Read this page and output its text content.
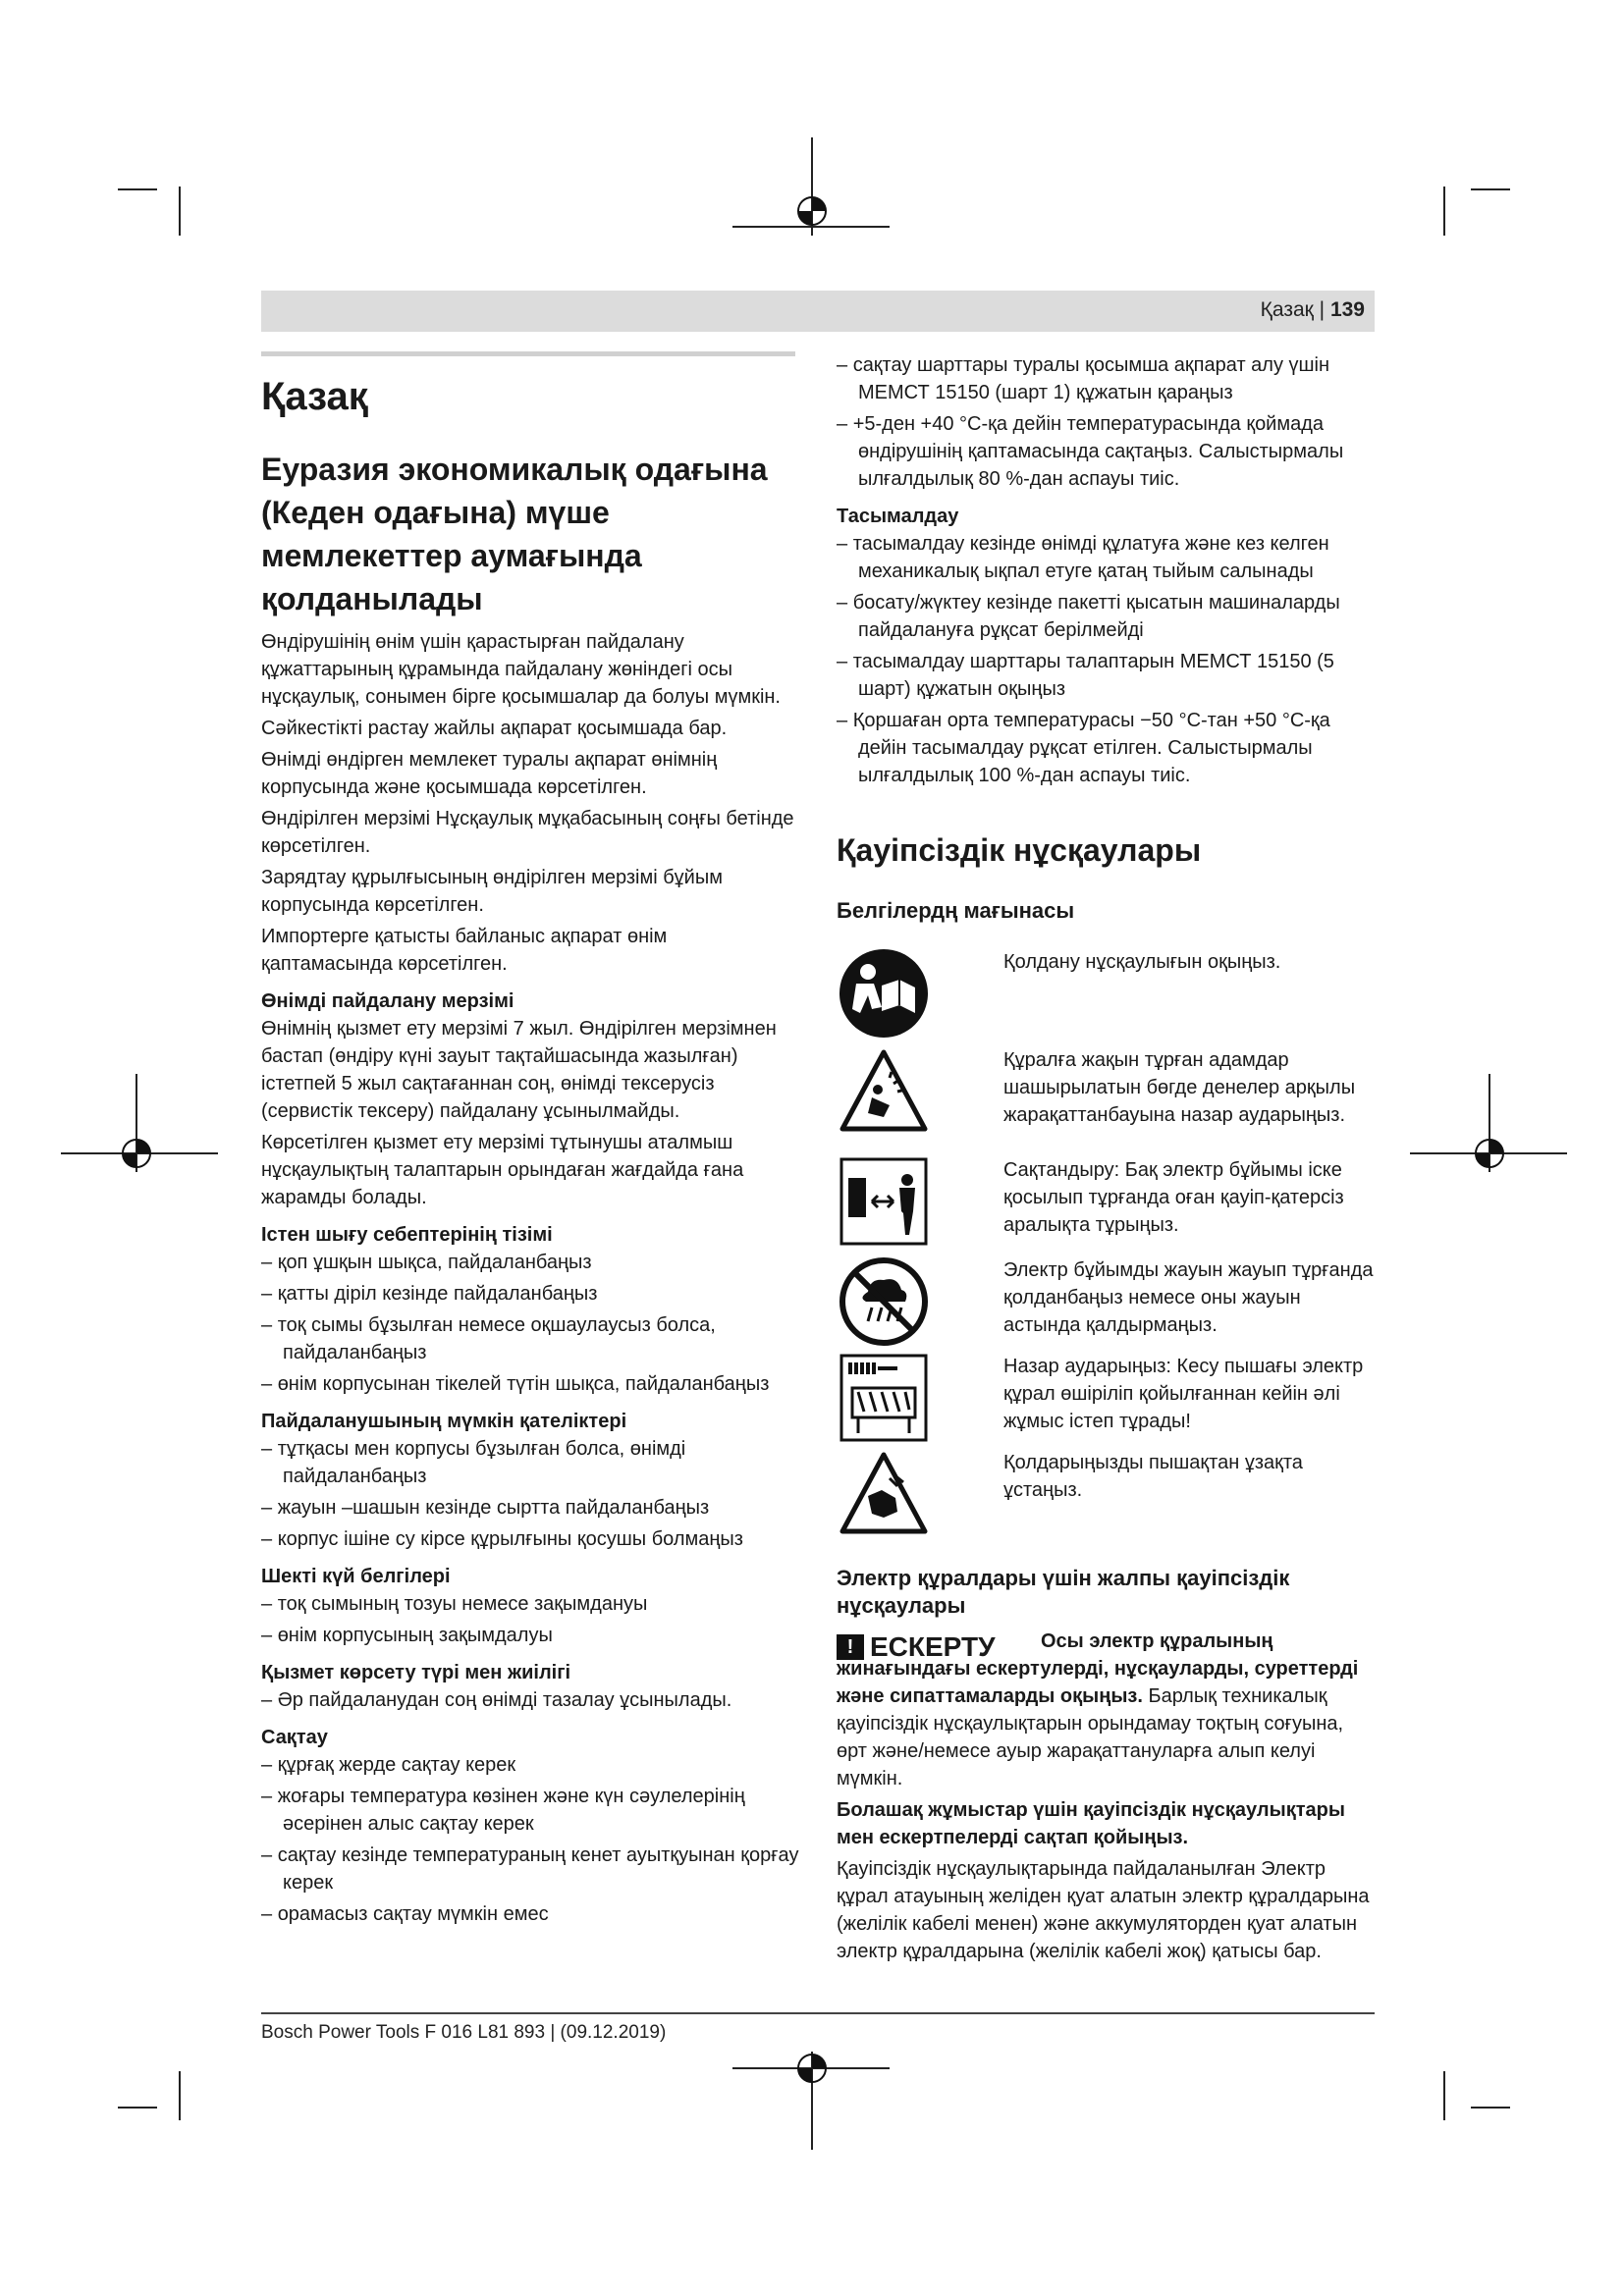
Қазақ | 139
Қазақ
Еуразия экономикалық одағына (Кеден одағына) мүше мемлекеттер аумағында қолданылады

Өндірушінің өнім үшін қарастырған пайдалану құжаттарының құрамында пайдалану жөніндегі осы нұсқаулық, сонымен бірге қосымшалар да болуы мүмкін.

Сәйкестікті растау жайлы ақпарат қосымшада бар.

Өнімді өндірген мемлекет туралы ақпарат өнімнің корпусында және қосымшада көрсетілген.

Өндірілген мерзімі Нұсқаулық мұқабасының соңғы бетінде көрсетілген.

Зарядтау құрылғысының өндірілген мерзімі бұйым корпусында көрсетілген.

Импортерге қатысты байланыс ақпарат өнім қаптамасында көрсетілген.

Өнімді пайдалану мерзімі

Өнімнің қызмет ету мерзімі 7 жыл. Өндірілген мерзімнен бастап (өндіру күні зауыт тақтайшасында жазылған) істетпей 5 жыл сақтағаннан соң, өнімді тексерусіз (сервистік тексеру) пайдалану ұсынылмайды.

Көрсетілген қызмет ету мерзімі тұтынушы аталмыш нұсқаулықтың талаптарын орындаған жағдайда ғана жарамды болады.

Істен шығу себептерінің тізімі
– қоп ұшқын шықса, пайдаланбаңыз
– қатты діріл кезінде пайдаланбаңыз
– тоқ сымы бұзылған немесе оқшаулаусыз болса, пайдаланбаңыз
– өнім корпусынан тікелей түтін шықса, пайдаланбаңыз
Пайдаланушының мүмкін қателіктері
– тұтқасы мен корпусы бұзылған болса, өнімді пайдаланбаңыз
– жауын –шашын кезінде сыртта пайдаланбаңыз
– корпус ішіне су кірсе құрылғыны қосушы болмаңыз
Шекті күй белгілері
– тоқ сымының тозуы немесе зақымдануы
– өнім корпусының зақымдалуы
Қызмет көрсету түрі мен жиілігі
– Әр пайдаланудан соң өнімді тазалау ұсынылады.
Сақтау
– құрғақ жерде сақтау керек
– жоғары температура көзінен және күн сәулелерінің әсерінен алыс сақтау керек
– сақтау кезінде температураның кенет ауытқуынан қорғау керек
– орамасыз сақтау мүмкін емес
– сақтау шарттары туралы қосымша ақпарат алу үшін МЕМСТ 15150 (шарт 1) құжатын қараңыз
– +5-ден +40 °C-қа дейін температурасында қоймада өндірушінің қаптамасында сақтаңыз. Салыстырмалы ылғалдылық 80 %-дан аспауы тиіс.
Тасымалдау
– тасымалдау кезінде өнімді құлатуға және кез келген механикалық ықпал етуге қатаң тыйым салынады
– босату/жүктеу кезінде пакетті қысатын машиналарды пайдалануға рұқсат берілмейді
– тасымалдау шарттары талаптарын МЕМСТ 15150 (5 шарт) құжатын оқыңыз
– Қоршаған орта температурасы −50 °C-тан +50 °C-қа дейін тасымалдау рұқсат етілген. Салыстырмалы ылғалдылық 100 %-дан аспауы тиіс.
Қауіпсіздік нұсқаулары
Белгілердң мағынасы
Қолдану нұсқаулығын оқыңыз.
Құралға жақын тұрған адамдар шашырылатын бөгде денелер арқылы жарақаттанбауына назар аударыңыз.
Сақтандыру: Бақ электр бұйымы іске қосылып тұрғанда оған қауіп-қатерсіз аралықта тұрыңыз.
Электр бұйымды жауын жауып тұрғанда қолданбаңыз немесе оны жауын астында қалдырмаңыз.
Назар аударыңыз: Кесу пышағы электр құрал өшіріліп қойылғаннан кейін әлі жұмыс істеп тұрады!
Қолдарыңызды пышақтан ұзақта ұстаңыз.
Электр құралдары үшін жалпы қауіпсіздік нұсқаулары
! ЕСКЕРТУ	Осы электр құралының жинағындағы ескертулерді, нұсқауларды, суреттерді және сипаттамаларды оқыңыз. Барлық техникалық қауіпсіздік нұсқаулықтарын орындамау тоқтың соғуына, өрт және/немесе ауыр жарақаттануларға алып келуі мүмкін.

Болашақ жұмыстар үшін қауіпсіздік нұсқаулықтары мен ескертпелерді сақтап қойыңыз.

Қауіпсіздік нұсқаулықтарында пайдаланылған Электр құрал атауының желіден қуат алатын электр құралдарына (желілік кабелі менен) және аккумуляторден қуат алатын электр құралдарына (желілік кабелі жоқ) қатысы бар.

Bosch Power Tools F 016 L81 893 | (09.12.2019)
